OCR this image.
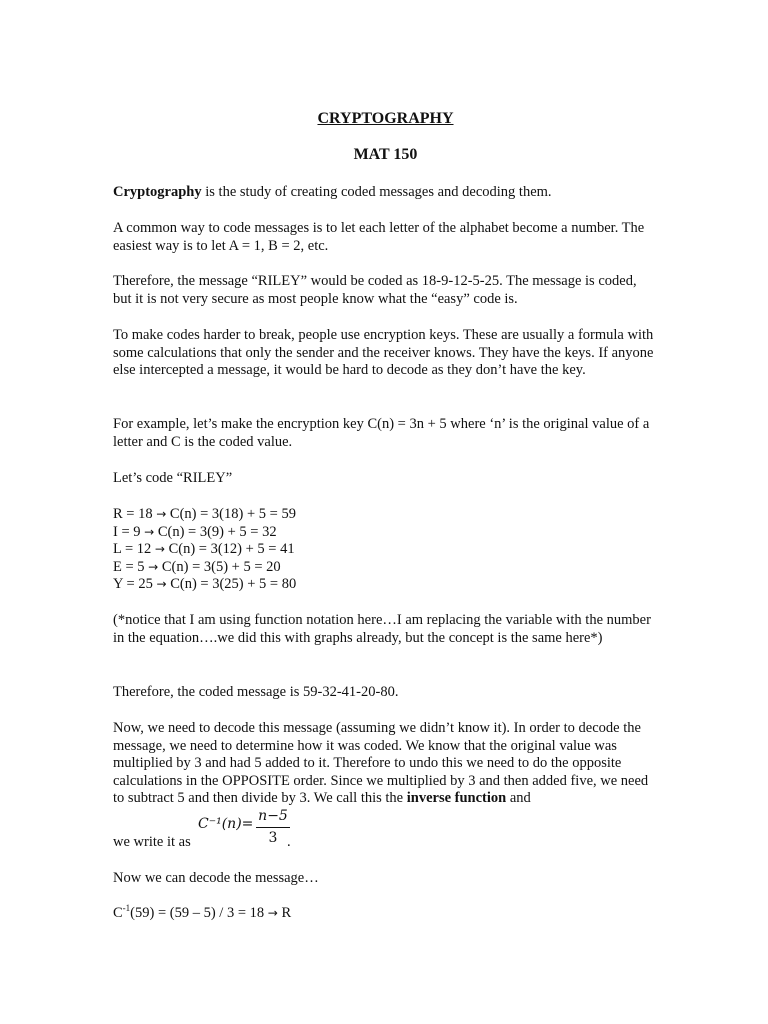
CRYPTOGRAPHY
MAT 150

Cryptography is the study of creating coded messages and decoding them.

A common way to code messages is to let each letter of the alphabet become a number. The easiest way is to let A = 1, B = 2, etc.

Therefore, the message “RILEY” would be coded as 18-9-12-5-25. The message is coded, but it is not very secure as most people know what the “easy” code is.

To make codes harder to break, people use encryption keys. These are usually a formula with some calculations that only the sender and the receiver knows. They have the keys. If anyone else intercepted a message, it would be hard to decode as they don’t have the key.

For example, let’s make the encryption key C(n) = 3n + 5 where ‘n’ is the original value of a letter and C is the coded value.

Let’s code “RILEY”

R = 18 → C(n) = 3(18) + 5 = 59
I = 9 → C(n) = 3(9) + 5 = 32
L = 12 → C(n) = 3(12) + 5 = 41
E = 5 → C(n) = 3(5) + 5 = 20
Y = 25 → C(n) = 3(25) + 5 = 80

(*notice that I am using function notation here…I am replacing the variable with the number in the equation….we did this with graphs already, but the concept is the same here*)

Therefore, the coded message is 59-32-41-20-80.

Now, we need to decode this message (assuming we didn’t know it). In order to decode the message, we need to determine how it was coded. We know that the original value was multiplied by 3 and had 5 added to it. Therefore to undo this we need to do the opposite calculations in the OPPOSITE order. Since we multiplied by 3 and then added five, we need to subtract 5 and then divide by 3. We call this the inverse function and

we write it as
C⁻¹(n)= n−5
3 .

Now we can decode the message…

$C^{-1}(59) = (59 - 5) / 3 = 18 \to R$
